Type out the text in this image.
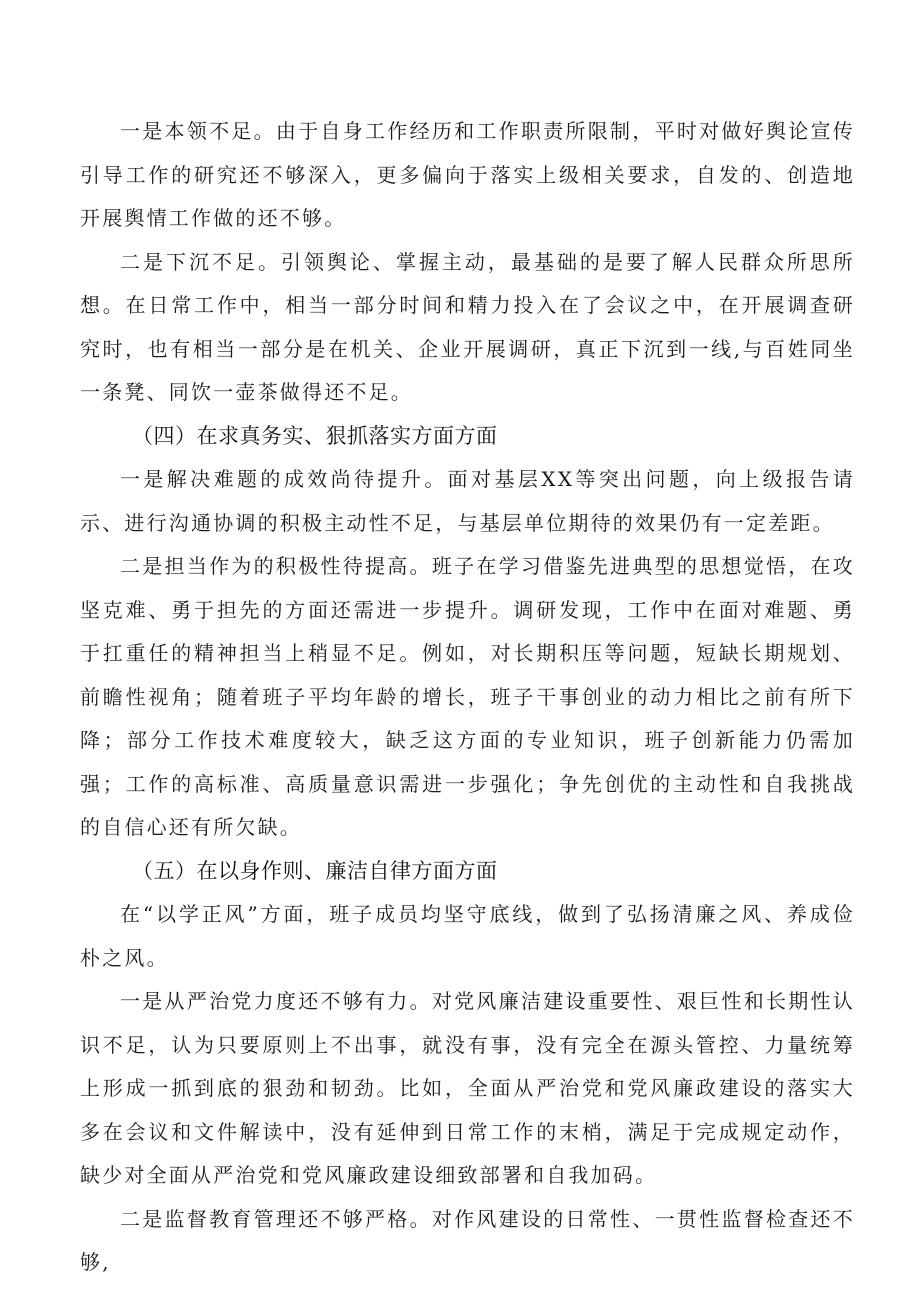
一是本领不足。由于自身工作经历和工作职责所限制，平时对做好舆论宣传引导工作的研究还不够深入，更多偏向于落实上级相关要求，自发的、创造地开展舆情工作做的还不够。

二是下沉不足。引领舆论、掌握主动，最基础的是要了解人民群众所思所想。在日常工作中，相当一部分时间和精力投入在了会议之中，在开展调查研究时，也有相当一部分是在机关、企业开展调研，真正下沉到一线,与百姓同坐一条凳、同饮一壶茶做得还不足。

（四）在求真务实、狠抓落实方面方面

一是解决难题的成效尚待提升。面对基层XX等突出问题，向上级报告请示、进行沟通协调的积极主动性不足，与基层单位期待的效果仍有一定差距。

二是担当作为的积极性待提高。班子在学习借鉴先进典型的思想觉悟，在攻坚克难、勇于担先的方面还需进一步提升。调研发现，工作中在面对难题、勇于扛重任的精神担当上稍显不足。例如，对长期积压等问题，短缺长期规划、前瞻性视角；随着班子平均年龄的增长，班子干事创业的动力相比之前有所下降；部分工作技术难度较大，缺乏这方面的专业知识，班子创新能力仍需加强；工作的高标准、高质量意识需进一步强化；争先创优的主动性和自我挑战的自信心还有所欠缺。

（五）在以身作则、廉洁自律方面方面

在“以学正风”方面，班子成员均坚守底线，做到了弘扬清廉之风、养成俭朴之风。

一是从严治党力度还不够有力。对党风廉洁建设重要性、艰巨性和长期性认识不足，认为只要原则上不出事，就没有事，没有完全在源头管控、力量统筹上形成一抓到底的狠劲和韧劲。比如，全面从严治党和党风廉政建设的落实大多在会议和文件解读中，没有延伸到日常工作的末梢，满足于完成规定动作，缺少对全面从严治党和党风廉政建设细致部署和自我加码。

二是监督教育管理还不够严格。对作风建设的日常性、一贯性监督检查还不够,
